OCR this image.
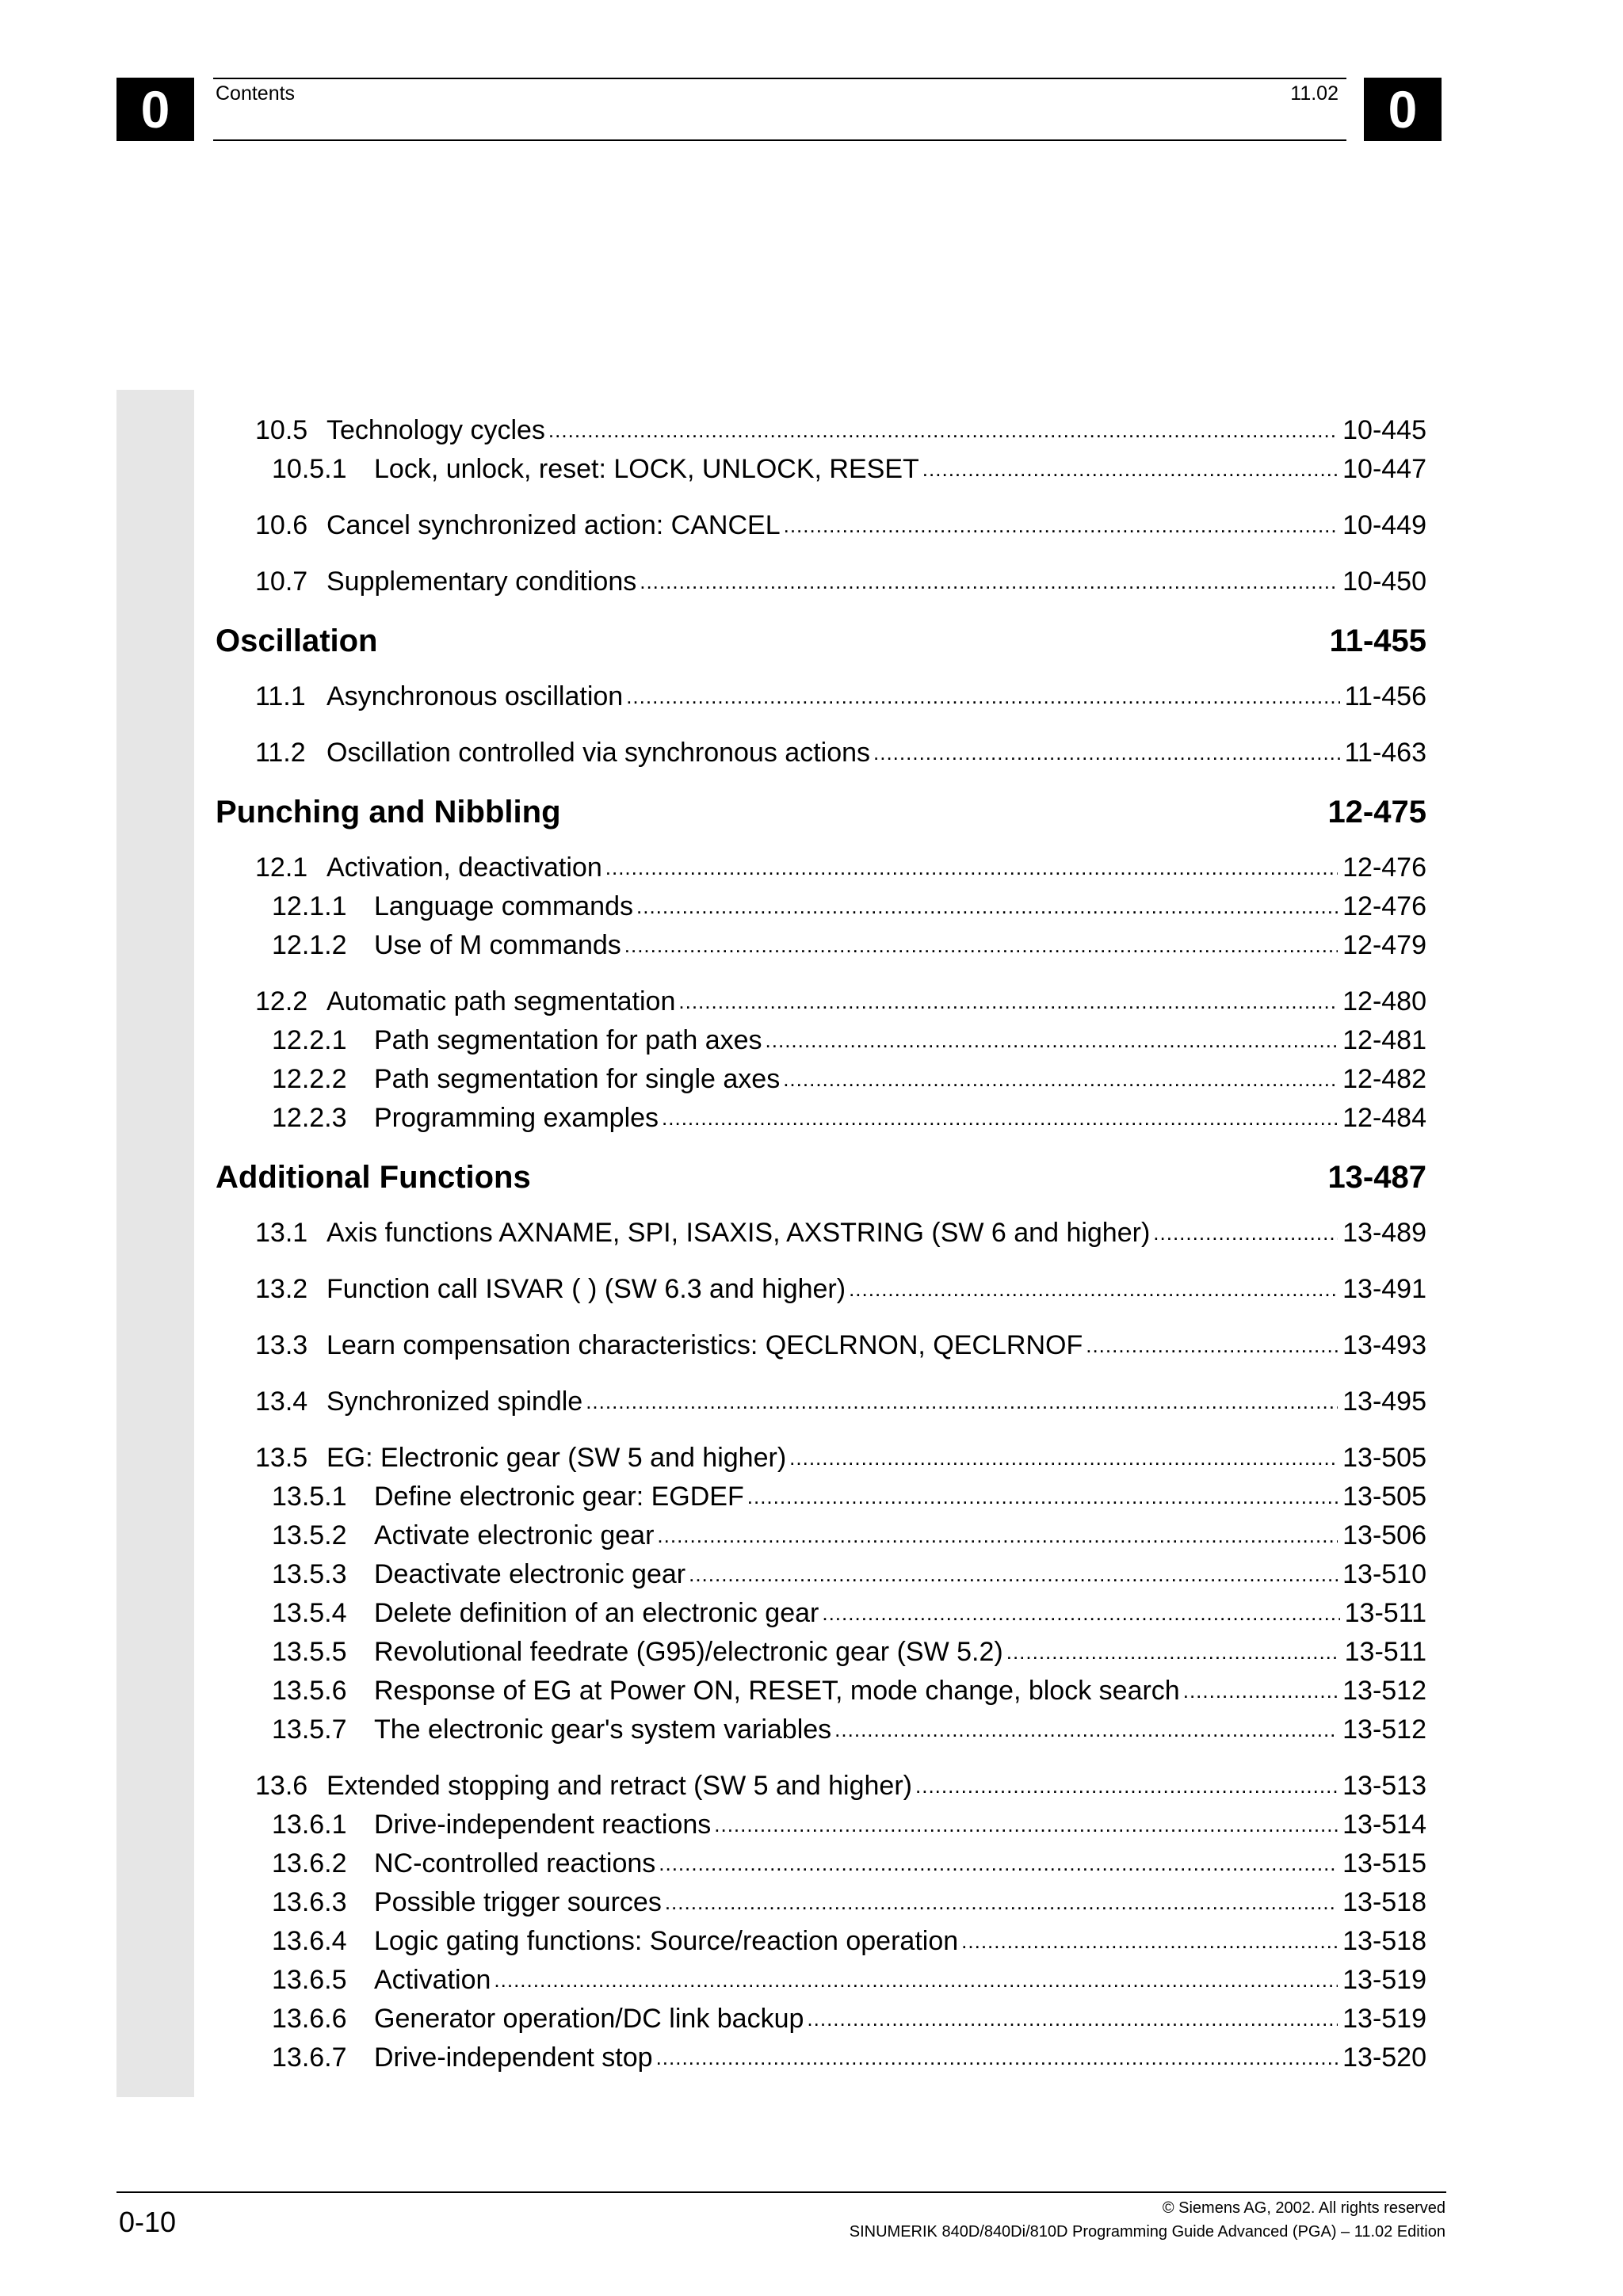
0	Contents	11.02 0
10.5 Technology cycles .....	10-445
10.5.1	Lock, unlock, reset: LOCK, UNLOCK, RESET .....	10-447
10.6 Cancel synchronized action: CANCEL .....	10-449
10.7 Supplementary conditions .....	10-450
Oscillation	11-455
11.1 Asynchronous oscillation .....	11-456
11.2 Oscillation controlled via synchronous actions .....	11-463
Punching and Nibbling	12-475
12.1 Activation, deactivation .....	12-476
12.1.1	Language commands .....	12-476
12.1.2	Use of M commands .....	12-479
12.2 Automatic path segmentation .....	12-480
12.2.1	Path segmentation for path axes .....	12-481
12.2.2	Path segmentation for single axes .....	12-482
12.2.3	Programming examples .....	12-484
Additional Functions	13-487
13.1 Axis functions AXNAME, SPI, ISAXIS, AXSTRING (SW 6 and higher) .....	13-489
13.2 Function call ISVAR ( ) (SW 6.3 and higher) .....	13-491
13.3 Learn compensation characteristics: QECLRNON, QECLRNOF .....	13-493
13.4 Synchronized spindle .....	13-495
13.5 EG: Electronic gear (SW 5 and higher) .....	13-505
13.5.1	Define electronic gear: EGDEF .....	13-505
13.5.2	Activate electronic gear .....	13-506
13.5.3	Deactivate electronic gear .....	13-510
13.5.4	Delete definition of an electronic gear .....	13-511
13.5.5	Revolutional feedrate (G95)/electronic gear (SW 5.2) .....	13-511
13.5.6	Response of EG at Power ON, RESET, mode change, block search .....	13-512
13.5.7	The electronic gear's system variables .....	13-512
13.6 Extended stopping and retract (SW 5 and higher) .....	13-513
13.6.1	Drive-independent reactions .....	13-514
13.6.2	NC-controlled reactions .....	13-515
13.6.3	Possible trigger sources .....	13-518
13.6.4	Logic gating functions: Source/reaction operation .....	13-518
13.6.5	Activation .....	13-519
13.6.6	Generator operation/DC link backup .....	13-519
13.6.7	Drive-independent stop .....	13-520
0-10	© Siemens AG, 2002. All rights reserved
SINUMERIK 840D/840Di/810D Programming Guide Advanced (PGA) – 11.02 Edition
